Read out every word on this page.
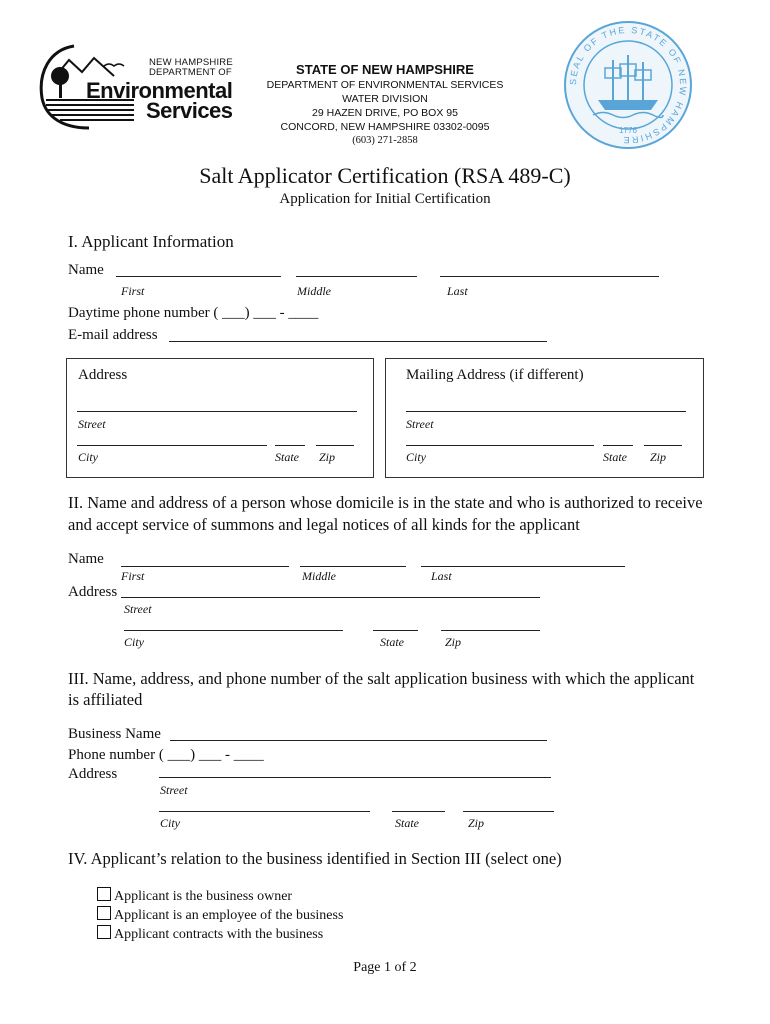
NEW HAMPSHIRE
DEPARTMENT OF
Environmental
Services
STATE OF NEW HAMPSHIRE
DEPARTMENT OF ENVIRONMENTAL SERVICES
WATER DIVISION
29 HAZEN DRIVE, PO BOX 95
CONCORD, NEW HAMPSHIRE 03302-0095
(603) 271-2858
SEAL OF THE STATE OF NEW HAMPSHIRE
1776
Salt Applicator Certification (RSA 489-C)
Application for Initial Certification
I. Applicant Information
Name
First	Middle	Last
Daytime phone number ( ___) ___ - ____
E-mail address
Address
Street
City	State Zip
Mailing Address (if different)
Street
City	State Zip
II. Name and address of a person whose domicile is in the state and who is authorized to receive and accept service of summons and legal notices of all kinds for the applicant
Name
First	Middle	Last
Address
Street
City	State	Zip
III. Name, address, and phone number of the salt application business with which the applicant is affiliated
Business Name
Phone number ( ___) ___ - ____
Address
Street
City	State	Zip
IV. Applicant’s relation to the business identified in Section III (select one)
Applicant is the business owner
Applicant is an employee of the business
Applicant contracts with the business
Page 1 of 2
